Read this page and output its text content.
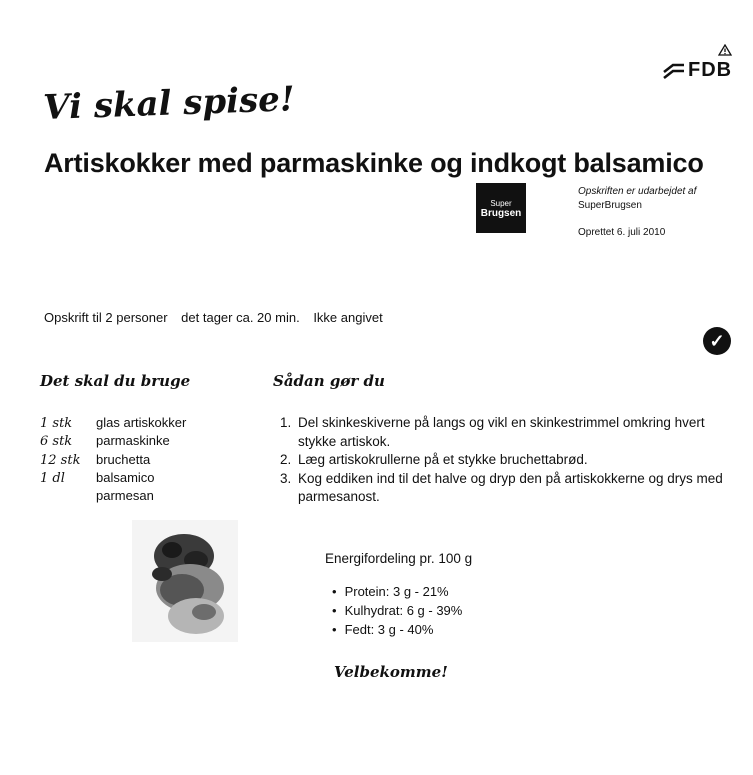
FDB
Vi skal spise!
Artiskokker med parmaskinke og indkogt balsamico
Super
Brugsen
Opskriften er udarbejdet af
SuperBrugsen
Oprettet 6. juli 2010
Opskrift til 2 personer det tager ca. 20 min. Ikke angivet
✓
Det skal du bruge	Sådan gør du
1 stk glas artiskokker
6 stk parmaskinke
12 stk bruchetta
1 dl balsamico
parmesan
1. Del skinkeskiverne på langs og vikl en skinkestrimmel omkring hvert stykke artiskok.
2. Læg artiskokrullerne på et stykke bruchettabrød.
3. Kog eddiken ind til det halve og dryp den på artiskokkerne og drys med parmesanost.
Energifordeling pr. 100 g
• Protein: 3 g - 21%
• Kulhydrat: 6 g - 39%
• Fedt: 3 g - 40%
Velbekomme!
